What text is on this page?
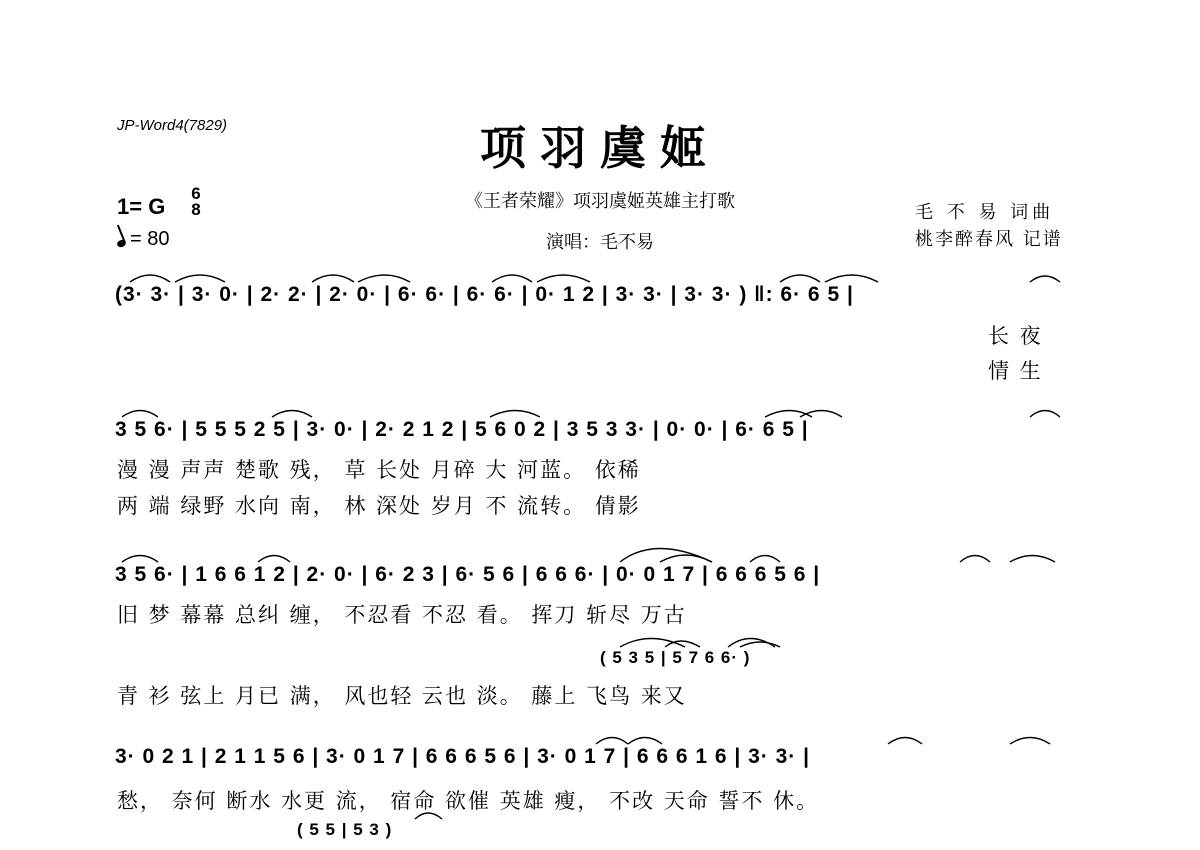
JP-Word4(7829)	项羽虞姬
《王者荣耀》项羽虞姬英雄主打歌
演唱：毛不易
1= G
6
8
= 80
毛 不 易 词曲
桃李醉春风 记谱
(3· 3· | 3· 0· | 2· 2· | 2· 0· | 6· 6· | 6· 6· | 0· 1 2 | 3· 3· | 3· 3· ) ‖: 6· 6 5 |
长 夜
情 生
3 5 6· | 5 5 5 2 5 | 3· 0· | 2· 2 1 2 | 5 6 0 2 | 3 5 3 3· | 0· 0· | 6· 6 5 |
漫 漫 声声 楚歌 残， 草 长处 月碎 大 河蓝。 依稀
两 端 绿野 水向 南， 林 深处 岁月 不 流转。 倩影
3 5 6· | 1 6 6 1 2 | 2· 0· | 6· 2 3 | 6· 5 6 | 6 6 6· | 0· 0 1 7 | 6 6 6 5 6 |
旧 梦 幕幕 总纠 缠， 不忍看 不忍 看。 挥刀 斩尽 万古
( 5 3 5 | 5 7 6 6· )
青 衫 弦上 月已 满， 风也轻 云也 淡。 藤上 飞鸟 来又
3· 0 2 1 | 2 1 1 5 6 | 3· 0 1 7 | 6 6 6 5 6 | 3· 0 1 7 | 6 6 6 1 6 | 3· 3· |
愁， 奈何 断水 水更 流， 宿命 欲催 英雄 瘦， 不改 天命 誓不 休。
( 5 5 | 5 3 )
